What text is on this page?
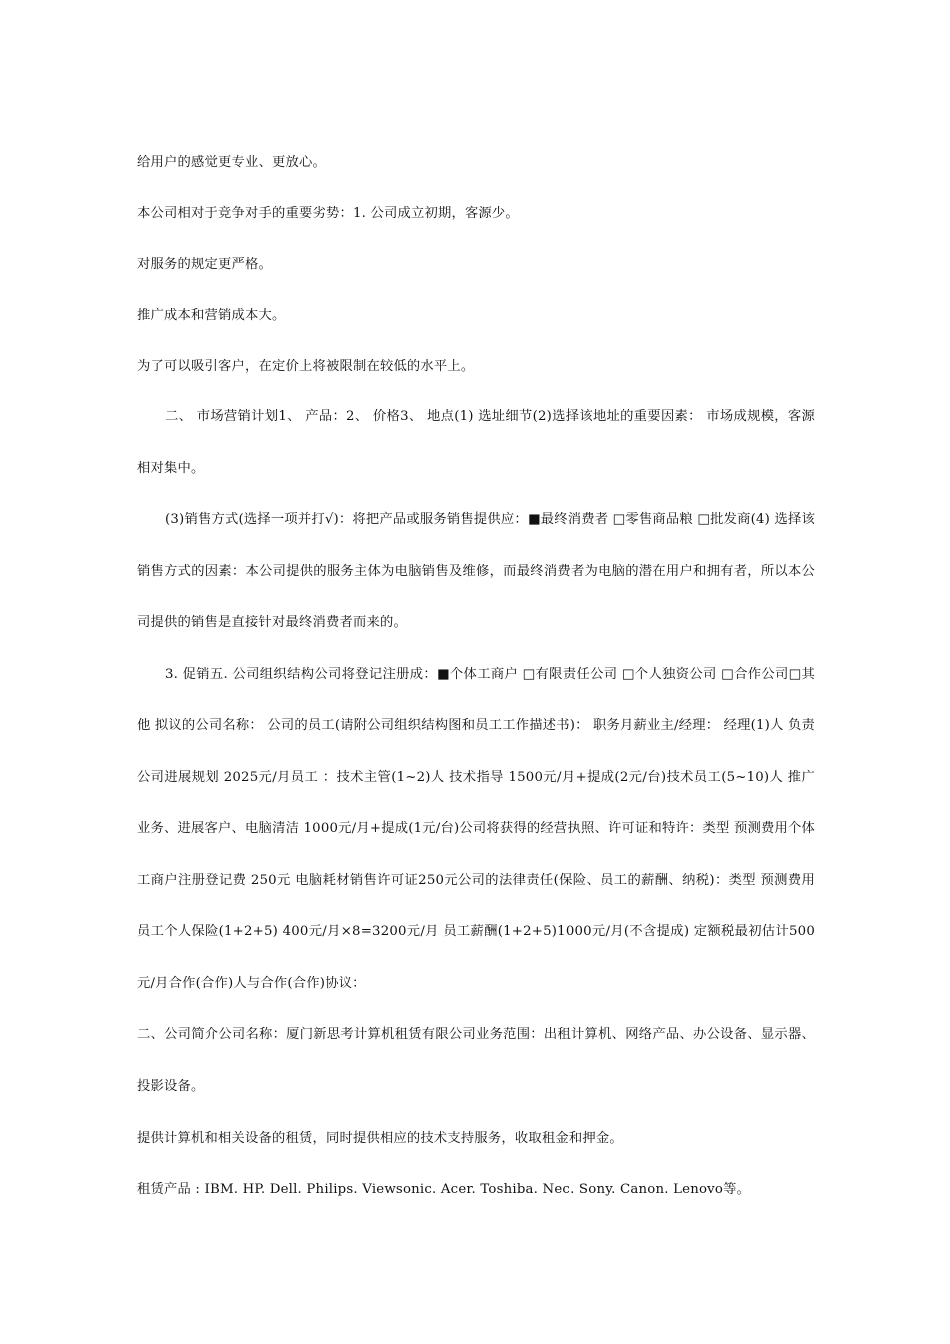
给用户的感觉更专业、更放心。

本公司相对于竞争对手的重要劣势：1. 公司成立初期，客源少。

对服务的规定更严格。

推广成本和营销成本大。

为了可以吸引客户，在定价上将被限制在较低的水平上。

二、 市场营销计划1、 产品：2、 价格3、 地点(1) 选址细节(2)选择该地址的重要因素： 市场成规模，客源相对集中。

(3)销售方式(选择一项并打√)：将把产品或服务销售提供应：■最终消费者 □零售商品粮 □批发商(4) 选择该销售方式的因素：本公司提供的服务主体为电脑销售及维修，而最终消费者为电脑的潜在用户和拥有者，所以本公司提供的销售是直接针对最终消费者而来的。

3. 促销五. 公司组织结构公司将登记注册成：■个体工商户 □有限责任公司 □个人独资公司 □合作公司□其他 拟议的公司名称： 公司的员工(请附公司组织结构图和员工工作描述书)： 职务月薪业主/经理： 经理(1)人 负责公司进展规划 2025元/月员工 ：技术主管(1~2)人 技术指导 1500元/月+提成(2元/台)技术员工(5~10)人 推广业务、进展客户、电脑清洁 1000元/月+提成(1元/台)公司将获得的经营执照、许可证和特许：类型 预测费用个体工商户注册登记费 250元 电脑耗材销售许可证250元公司的法律责任(保险、员工的薪酬、纳税)：类型 预测费用员工个人保险(1+2+5) 400元/月×8=3200元/月 员工薪酬(1+2+5)1000元/月(不含提成) 定额税最初估计500元/月合作(合作)人与合作(合作)协议：

二、公司简介公司名称：厦门新思考计算机租赁有限公司业务范围：出租计算机、网络产品、办公设备、显示器、投影设备。

提供计算机和相关设备的租赁，同时提供相应的技术支持服务，收取租金和押金。

租赁产品 : IBM. HP. Dell. Philips. Viewsonic. Acer. Toshiba. Nec. Sony. Canon. Lenovo等。
